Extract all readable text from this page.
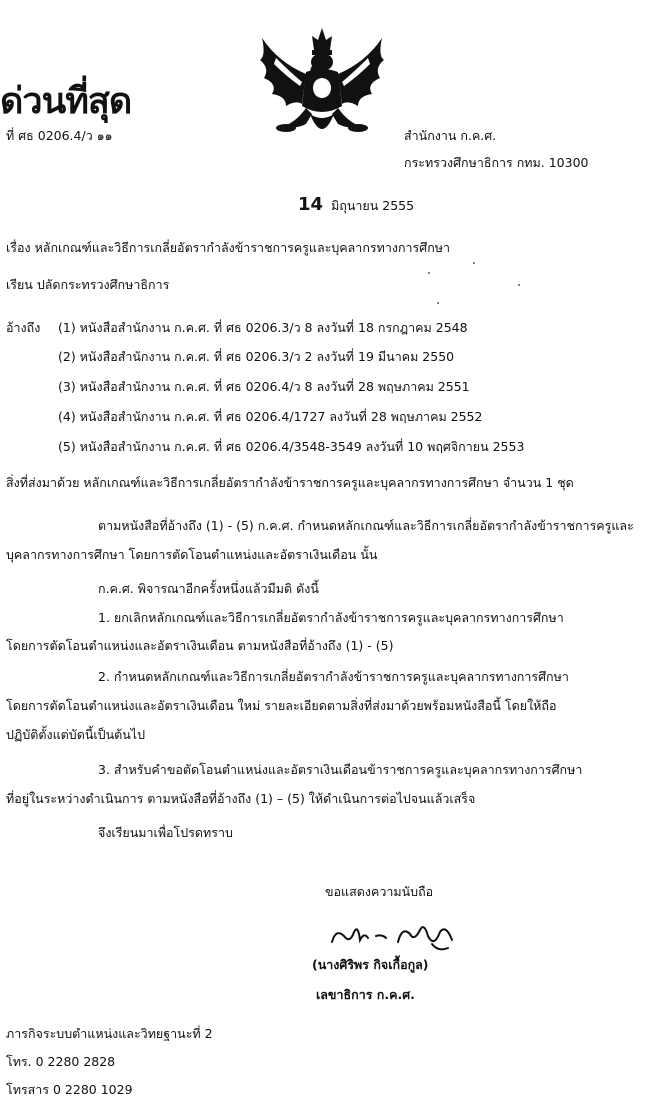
ด่วนที่สุด
ที่ ศธ 0206.4/ว ๑๑	สำนักงาน ก.ค.ศ.
กระทรวงศึกษาธิการ กทม. 10300
14 มิถุนายน 2555
เรื่อง หลักเกณฑ์และวิธีการเกลี่ยอัตรากำลังข้าราชการครูและบุคลากรทางการศึกษา
เรียน ปลัดกระทรวงศึกษาธิการ
อ้างถึง (1) หนังสือสำนักงาน ก.ค.ศ. ที่ ศธ 0206.3/ว 8 ลงวันที่ 18 กรกฎาคม 2548
(2) หนังสือสำนักงาน ก.ค.ศ. ที่ ศธ 0206.3/ว 2 ลงวันที่ 19 มีนาคม 2550
(3) หนังสือสำนักงาน ก.ค.ศ. ที่ ศธ 0206.4/ว 8 ลงวันที่ 28 พฤษภาคม 2551
(4) หนังสือสำนักงาน ก.ค.ศ. ที่ ศธ 0206.4/1727 ลงวันที่ 28 พฤษภาคม 2552
(5) หนังสือสำนักงาน ก.ค.ศ. ที่ ศธ 0206.4/3548-3549 ลงวันที่ 10 พฤศจิกายน 2553
สิ่งที่ส่งมาด้วย หลักเกณฑ์และวิธีการเกลี่ยอัตรากำลังข้าราชการครูและบุคลากรทางการศึกษา จำนวน 1 ชุด
ตามหนังสือที่อ้างถึง (1) - (5) ก.ค.ศ. กำหนดหลักเกณฑ์และวิธีการเกลี่ยอัตรากำลังข้าราชการครูและ
บุคลากรทางการศึกษา โดยการตัดโอนตำแหน่งและอัตราเงินเดือน นั้น
ก.ค.ศ. พิจารณาอีกครั้งหนึ่งแล้วมีมติ ดังนี้
1. ยกเลิกหลักเกณฑ์และวิธีการเกลี่ยอัตรากำลังข้าราชการครูและบุคลากรทางการศึกษา
โดยการตัดโอนตำแหน่งและอัตราเงินเดือน ตามหนังสือที่อ้างถึง (1) - (5)
2. กำหนดหลักเกณฑ์และวิธีการเกลี่ยอัตรากำลังข้าราชการครูและบุคลากรทางการศึกษา
โดยการตัดโอนตำแหน่งและอัตราเงินเดือน ใหม่ รายละเอียดตามสิ่งที่ส่งมาด้วยพร้อมหนังสือนี้ โดยให้ถือ
ปฏิบัติตั้งแต่บัดนี้เป็นต้นไป
3. สำหรับคำขอตัดโอนตำแหน่งและอัตราเงินเดือนข้าราชการครูและบุคลากรทางการศึกษา
ที่อยู่ในระหว่างดำเนินการ ตามหนังสือที่อ้างถึง (1) – (5) ให้ดำเนินการต่อไปจนแล้วเสร็จ
จึงเรียนมาเพื่อโปรดทราบ
ขอแสดงความนับถือ
(นางศิริพร กิจเกื้อกูล)
เลขาธิการ ก.ค.ศ.
ภารกิจระบบตำแหน่งและวิทยฐานะที่ 2
โทร. 0 2280 2828
โทรสาร 0 2280 1029
